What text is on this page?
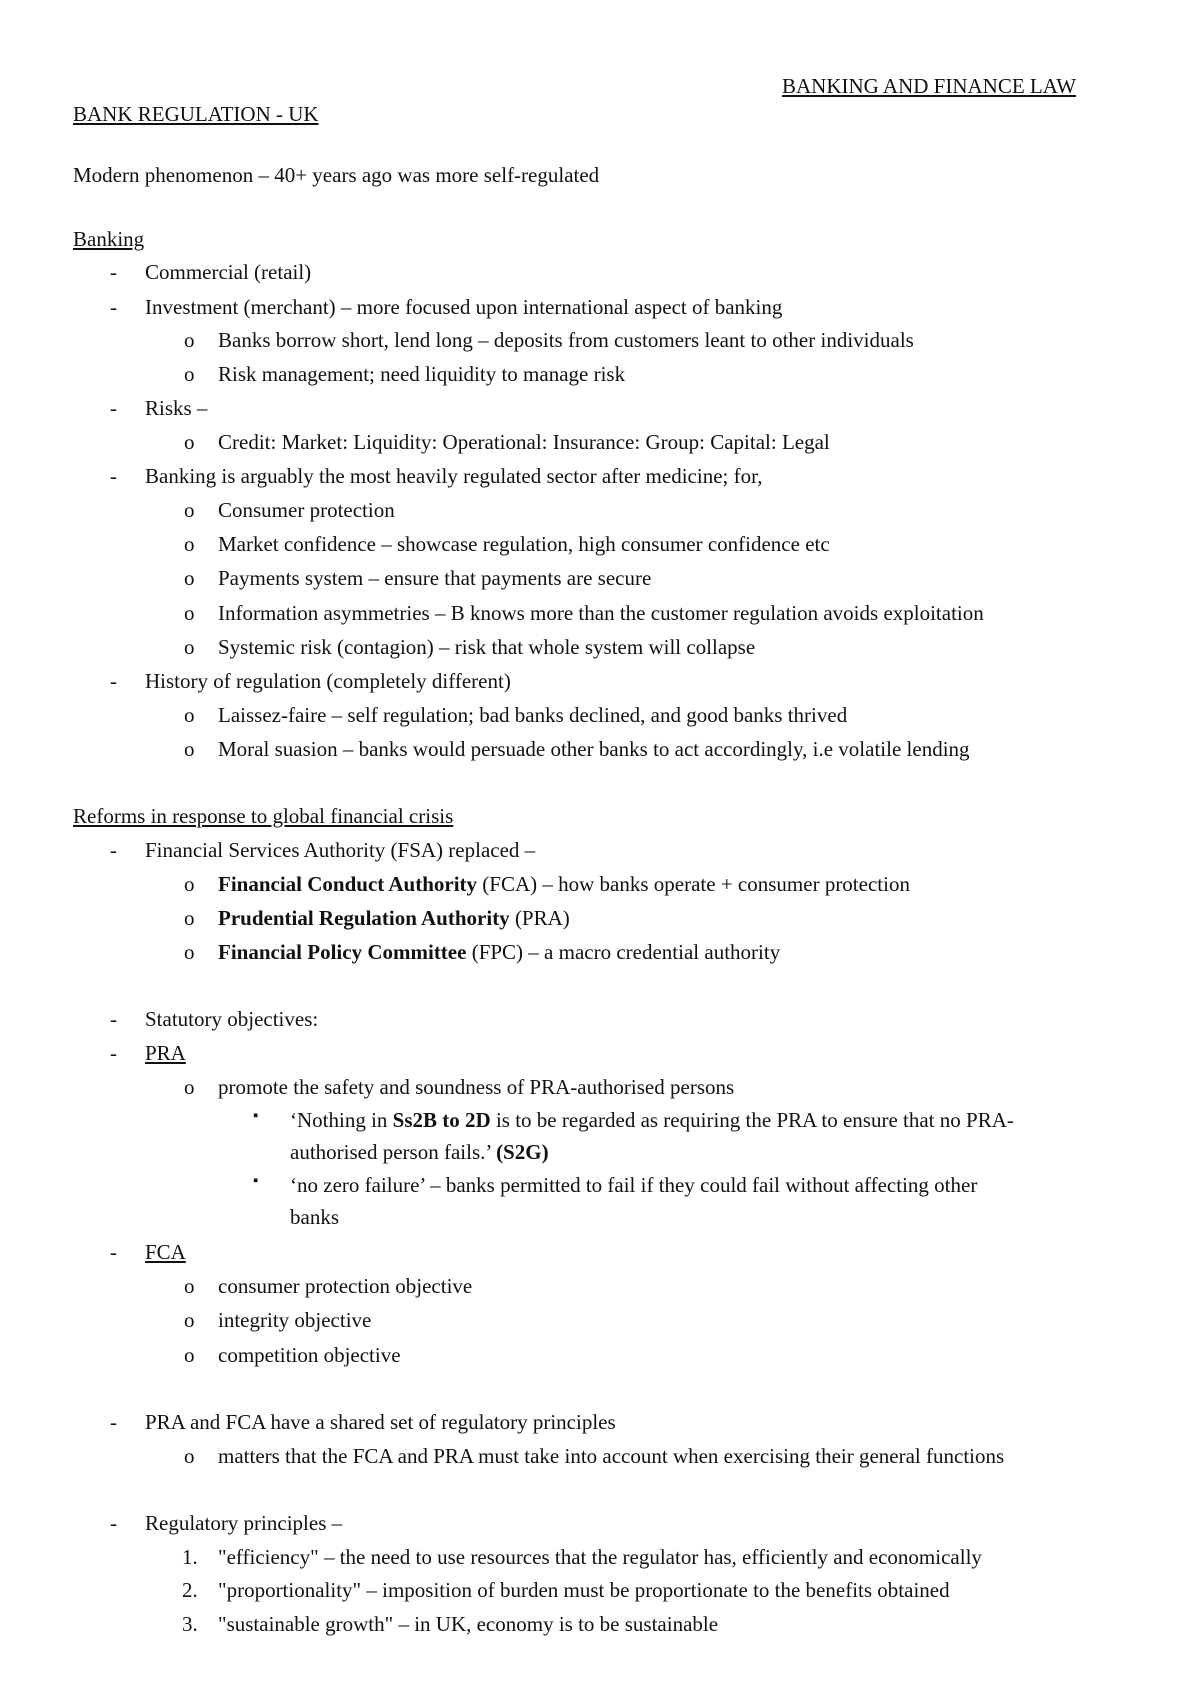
BANKING AND FINANCE LAW
BANK REGULATION - UK
Modern phenomenon – 40+ years ago was more self-regulated
Banking
- Commercial (retail)
- Investment (merchant) – more focused upon international aspect of banking
o Banks borrow short, lend long – deposits from customers leant to other individuals
o Risk management; need liquidity to manage risk
- Risks –
o Credit: Market: Liquidity: Operational: Insurance: Group: Capital: Legal
- Banking is arguably the most heavily regulated sector after medicine; for,
o Consumer protection
o Market confidence – showcase regulation, high consumer confidence etc
o Payments system – ensure that payments are secure
o Information asymmetries – B knows more than the customer regulation avoids exploitation
o Systemic risk (contagion) – risk that whole system will collapse
- History of regulation (completely different)
o Laissez-faire – self regulation; bad banks declined, and good banks thrived
o Moral suasion – banks would persuade other banks to act accordingly, i.e volatile lending
Reforms in response to global financial crisis
- Financial Services Authority (FSA) replaced –
o Financial Conduct Authority (FCA) – how banks operate + consumer protection
o Prudential Regulation Authority (PRA)
o Financial Policy Committee (FPC) – a macro credential authority
- Statutory objectives:
- PRA
o promote the safety and soundness of PRA-authorised persons
▪ ‘Nothing in Ss2B to 2D is to be regarded as requiring the PRA to ensure that no PRA-
authorised person fails.’ (S2G)
▪ ‘no zero failure’ – banks permitted to fail if they could fail without affecting other
banks
- FCA
o consumer protection objective
o integrity objective
o competition objective
- PRA and FCA have a shared set of regulatory principles
o matters that the FCA and PRA must take into account when exercising their general functions
- Regulatory principles –
1. "efficiency" – the need to use resources that the regulator has, efficiently and economically
2. "proportionality" – imposition of burden must be proportionate to the benefits obtained
3. "sustainable growth" – in UK, economy is to be sustainable
